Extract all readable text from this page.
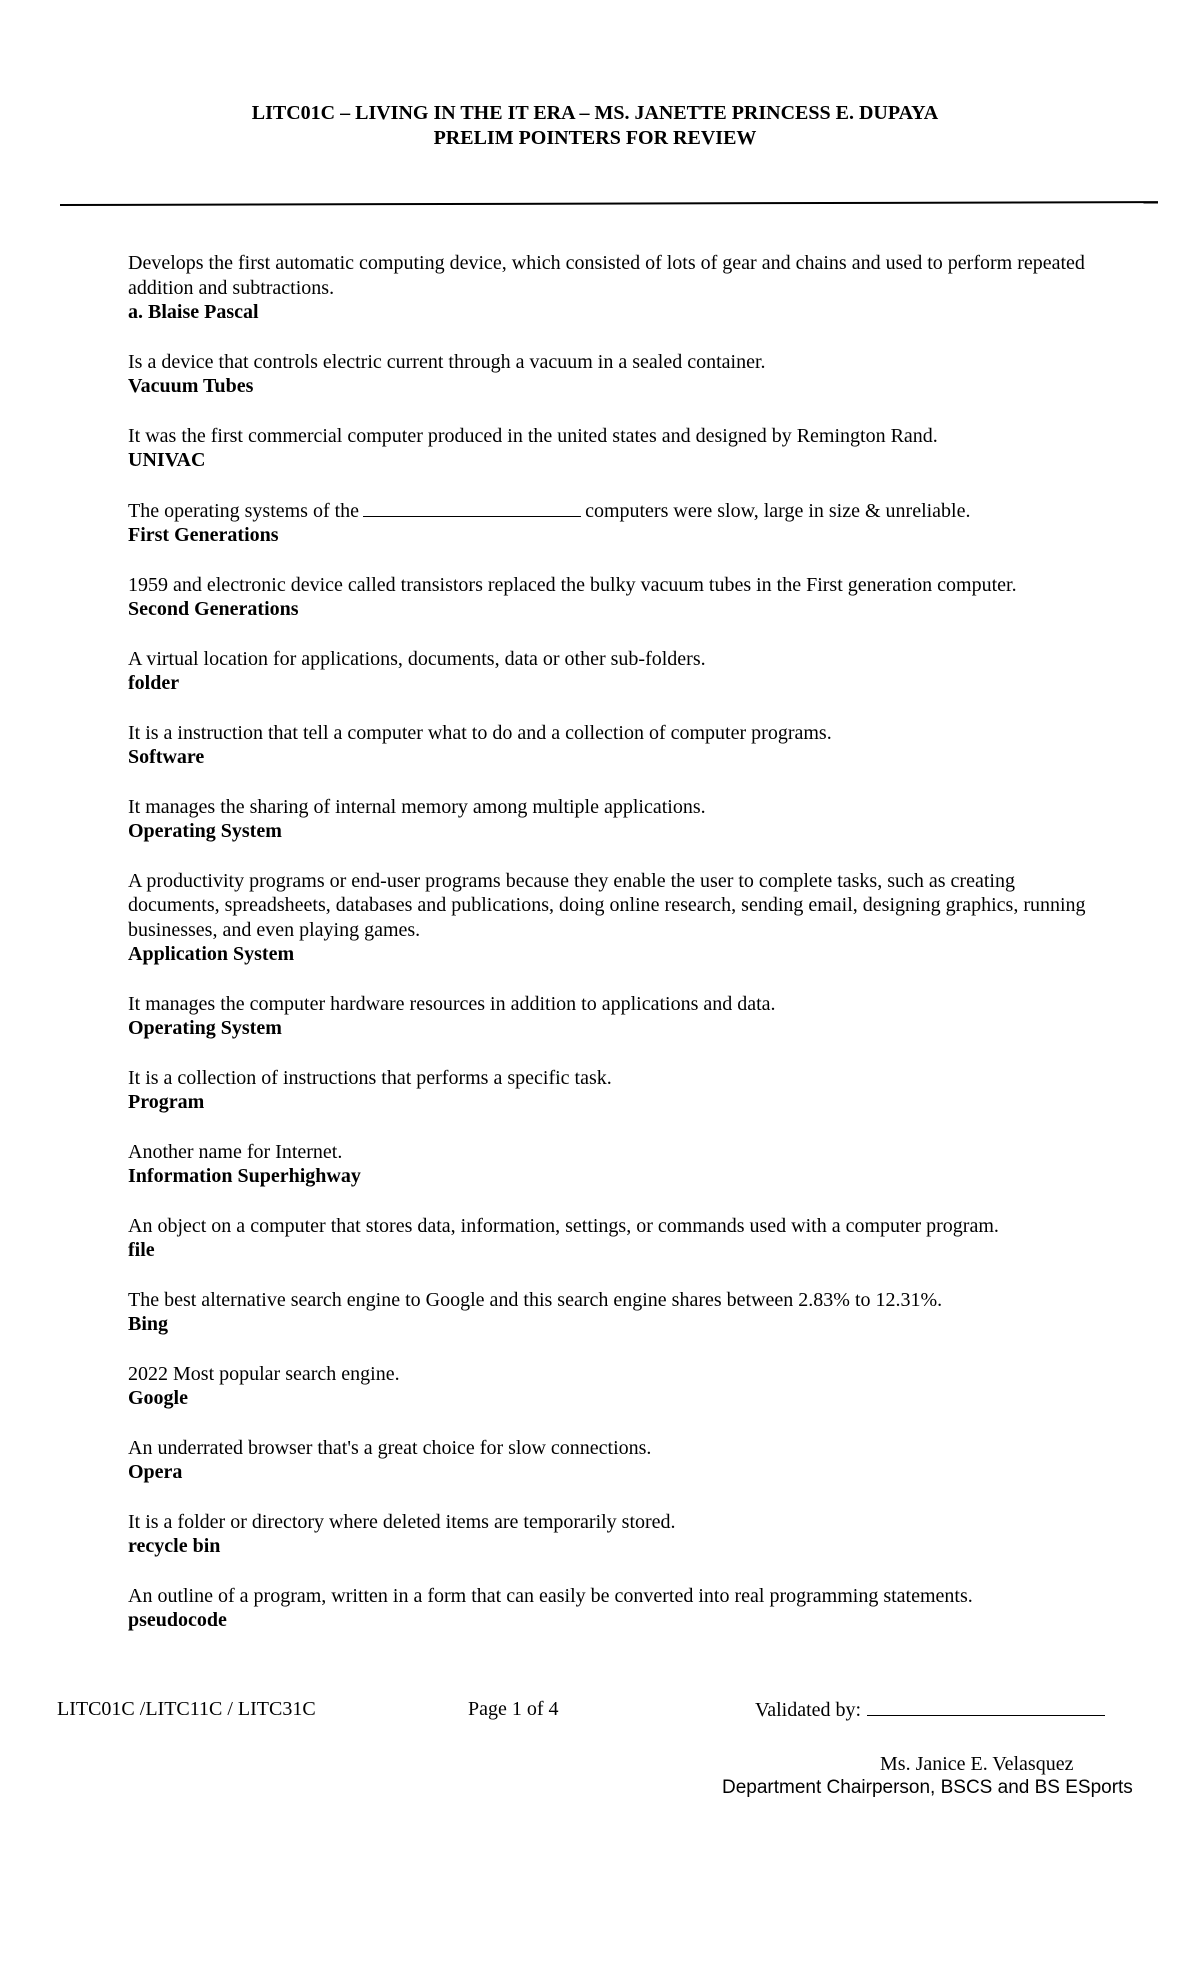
LITC01C – LIVING IN THE IT ERA – MS. JANETTE PRINCESS E. DUPAYA
PRELIM POINTERS FOR REVIEW
Develops the first automatic computing device, which consisted of lots of gear and chains and used to perform repeated addition and subtractions.
a. Blaise Pascal
Is a device that controls electric current through a vacuum in a sealed container.
Vacuum Tubes
It was the first commercial computer produced in the united states and designed by Remington Rand.
UNIVAC
The operating systems of the	computers were slow, large in size & unreliable.
First Generations
1959 and electronic device called transistors replaced the bulky vacuum tubes in the First generation computer.
Second Generations
A virtual location for applications, documents, data or other sub-folders.
folder
It is a instruction that tell a computer what to do and a collection of computer programs.
Software
It manages the sharing of internal memory among multiple applications.
Operating System
A productivity programs or end-user programs because they enable the user to complete tasks, such as creating documents, spreadsheets, databases and publications, doing online research, sending email, designing graphics, running businesses, and even playing games.
Application System
It manages the computer hardware resources in addition to applications and data.
Operating System
It is a collection of instructions that performs a specific task.
Program
Another name for Internet.
Information Superhighway
An object on a computer that stores data, information, settings, or commands used with a computer program.
file
The best alternative search engine to Google and this search engine shares between 2.83% to 12.31%.
Bing
2022 Most popular search engine.
Google
An underrated browser that's a great choice for slow connections.
Opera
It is a folder or directory where deleted items are temporarily stored.
recycle bin
An outline of a program, written in a form that can easily be converted into real programming statements.
pseudocode
LITC01C /LITC11C / LITC31C	Page 1 of 4	Validated by:
Ms. Janice E. Velasquez
Department Chairperson, BSCS and BS ESports
